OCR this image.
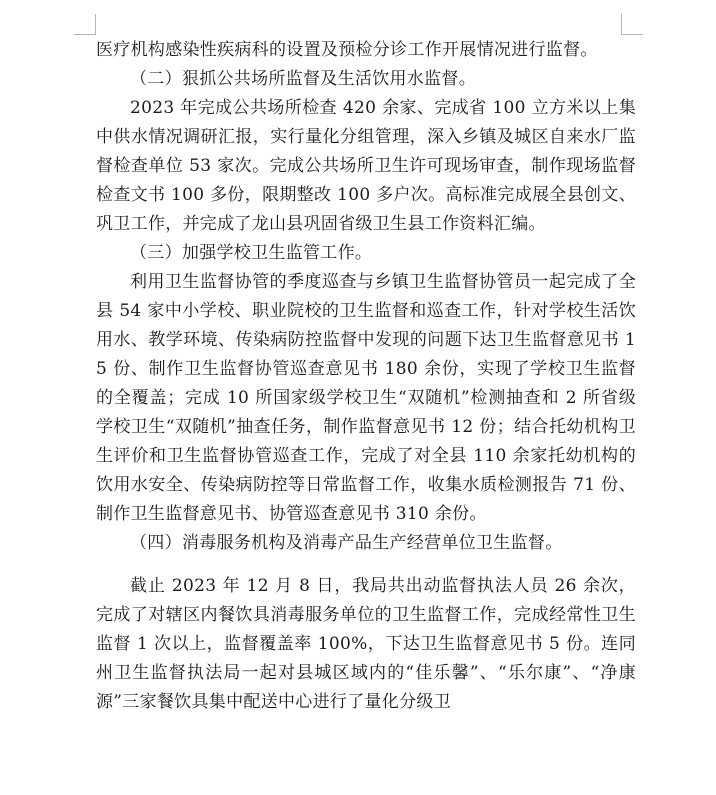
医疗机构感染性疾病科的设置及预检分诊工作开展情况进行监督。

（二）狠抓公共场所监督及生活饮用水监督。

2023 年完成公共场所检查 420 余家、完成省 100 立方米以上集中供水情况调研汇报，实行量化分组管理，深入乡镇及城区自来水厂监督检查单位 53 家次。完成公共场所卫生许可现场审查，制作现场监督检查文书 100 多份，限期整改 100 多户次。高标准完成展全县创文、巩卫工作，并完成了龙山县巩固省级卫生县工作资料汇编。

（三）加强学校卫生监管工作。

利用卫生监督协管的季度巡查与乡镇卫生监督协管员一起完成了全县 54 家中小学校、职业院校的卫生监督和巡查工作，针对学校生活饮用水、教学环境、传染病防控监督中发现的问题下达卫生监督意见书 15 份、制作卫生监督协管巡查意见书 180 余份，实现了学校卫生监督的全覆盖；完成 10 所国家级学校卫生“双随机”检测抽查和 2 所省级学校卫生“双随机”抽查任务，制作监督意见书 12 份；结合托幼机构卫生评价和卫生监督协管巡查工作，完成了对全县 110 余家托幼机构的饮用水安全、传染病防控等日常监督工作，收集水质检测报告 71 份、制作卫生监督意见书、协管巡查意见书 310 余份。

（四）消毒服务机构及消毒产品生产经营单位卫生监督。

截止 2023 年 12 月 8 日，我局共出动监督执法人员 26 余次，完成了对辖区内餐饮具消毒服务单位的卫生监督工作，完成经常性卫生监督 1 次以上，监督覆盖率 100%，下达卫生监督意见书 5 份。连同州卫生监督执法局一起对县城区域内的“佳乐馨”、“乐尔康”、“净康源”三家餐饮具集中配送中心进行了量化分级卫
